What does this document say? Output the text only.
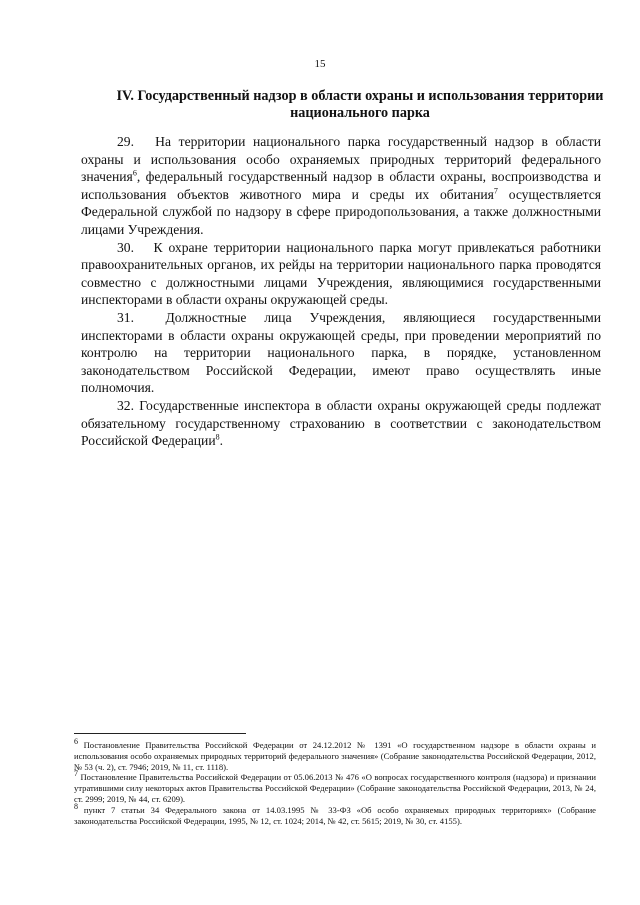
15
IV. Государственный надзор в области охраны и использования территории национального парка

29.  На территории национального парка государственный надзор в области охраны и использования особо охраняемых природных территорий федерального значения$^6$, федеральный государственный надзор в области охраны, воспроизводства и использования объектов животного мира и среды их обитания$^7$ осуществляется Федеральной службой по надзору в сфере природопользования, а также должностными лицами Учреждения.

30.  К охране территории национального парка могут привлекаться работники правоохранительных органов, их рейды на территории национального парка проводятся совместно с должностными лицами Учреждения, являющимися государственными инспекторами в области охраны окружающей среды.

31.  Должностные лица Учреждения, являющиеся государственными инспекторами в области охраны окружающей среды, при проведении мероприятий по контролю на территории национального парка, в порядке, установленном законодательством Российской Федерации, имеют право осуществлять иные полномочия.

32. Государственные инспектора в области охраны окружающей среды подлежат обязательному государственному страхованию в соответствии с законодательством Российской Федерации$^8$.

$^6$ Постановление Правительства Российской Федерации от 24.12.2012 № 1391 «О государственном надзоре в области охраны и использования особо охраняемых природных территорий федерального значения» (Собрание законодательства Российской Федерации, 2012, № 53 (ч. 2), ст. 7946; 2019, № 11, ст. 1118).

$^7$ Постановление Правительства Российской Федерации от 05.06.2013 № 476 «О вопросах государственного контроля (надзора) и признании утратившими силу некоторых актов Правительства Российской Федерации» (Собрание законодательства Российской Федерации, 2013, № 24, ст. 2999; 2019, № 44, ст. 6209).

$^8$ пункт 7 статьи 34 Федерального закона от 14.03.1995 № 33-ФЗ «Об особо охраняемых природных территориях» (Собрание законодательства Российской Федерации, 1995, № 12, ст. 1024; 2014, № 42, ст. 5615; 2019, № 30, ст. 4155).
